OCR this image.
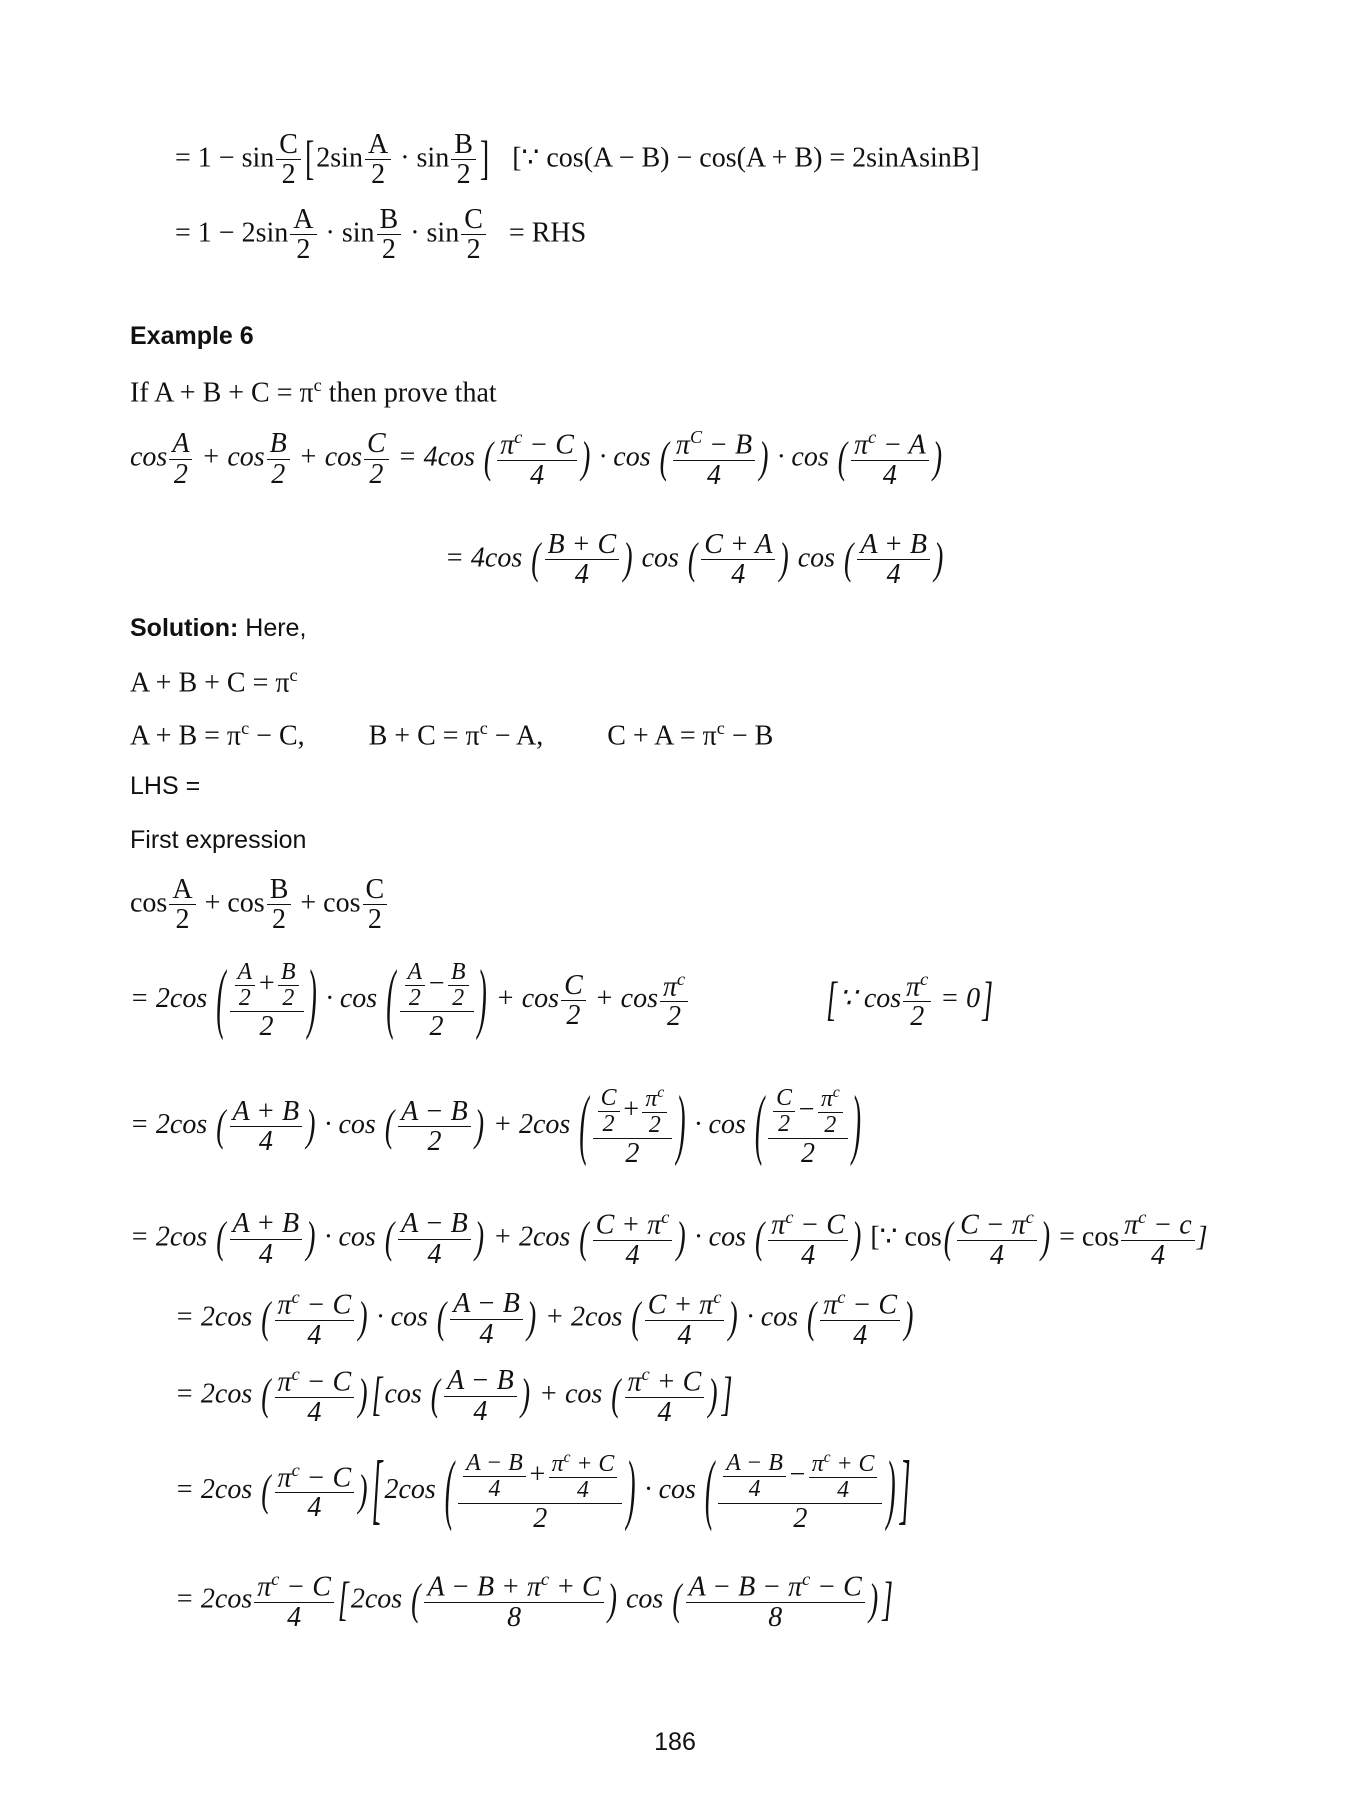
= $1 - \sin \frac{C}{2} [2\sin \frac{A}{2} \cdot \sin \frac{B}{2}$ ] [∵ cos(A − B) − cos(A + B) = 2sinAsinB]
= $1 - 2\sin \frac{A}{2} \cdot \sin \frac{B}{2} \cdot \sin \frac{C}{2}$ = RHS
Example 6
If $A + B + C = \pi^c$ then prove that
$\cos \frac{A}{2} + \cos \frac{B}{2} + \cos \frac{C}{2} = 4\cos$ ( $\frac{\pi^c - C}{4}$ ) · cos ( $\frac{\pi^C - B}{4}$ ) · cos ( $\frac{\pi^c - A}{4}$ )
= 4cos ( $\frac{B + C}{4}$ ) cos ( $\frac{C + A}{4}$ ) cos ( $\frac{A + B}{4}$ )
Solution: Here,
$A + B + C = \pi^c$
$A + B = \pi^c - C$, $B + C = \pi^c - A$, $C + A = \pi^c - B$
LHS =
First expression
$\cos \frac{A}{2} + \cos \frac{B}{2} + \cos \frac{C}{2}$
= 2cos ( $\frac{\frac{A}{2} + \frac{B}{2}}{2}$ ) · cos ( $\frac{\frac{A}{2} - \frac{B}{2}}{2}$ ) + $\cos \frac{C}{2} + \cos \frac{\pi^c}{2}$	[∵ $\cos \frac{\pi^c}{2} = 0$]
= 2cos ( $\frac{A + B}{4}$ ) · cos ( $\frac{A - B}{2}$ ) + 2cos ( $\frac{\frac{C}{2} + \frac{\pi^c}{2}}{2}$ ) · cos ( $\frac{\frac{C}{2} - \frac{\pi^c}{2}}{2}$ )
= 2cos ( $\frac{A + B}{4}$ ) · cos ( $\frac{A - B}{4}$ ) + 2cos ( $\frac{C + \pi^c}{4}$ ) · cos ( $\frac{\pi^c - C}{4}$ ) [∵ $\cos( \frac{C - \pi^c}{4}$ ) = $\cos \frac{\pi^c - c}{4}$ ]
= 2cos ( $\frac{\pi^c - C}{4}$ ) · cos ( $\frac{A - B}{4}$ ) + 2cos ( $\frac{C + \pi^c}{4}$ ) · cos ( $\frac{\pi^c - C}{4}$ )
= 2cos ( $\frac{\pi^c - C}{4}$ ) [cos ( $\frac{A - B}{4}$ ) + cos ( $\frac{\pi^c + C}{4}$ ) ]
= 2cos ( $\frac{\pi^c - C}{4}$ ) [2cos ( $\frac{\frac{A - B}{4} + \frac{\pi^c + C}{4}}{2}$ ) · cos ( $\frac{\frac{A - B}{4} - \frac{\pi^c + C}{4}}{2}$ ) ]
= $2\cos \frac{\pi^c - C}{4} [2\cos$ ( $\frac{A - B + \pi^c + C}{8}$ ) cos ( $\frac{A - B - \pi^c - C}{8}$ ) ]
186
